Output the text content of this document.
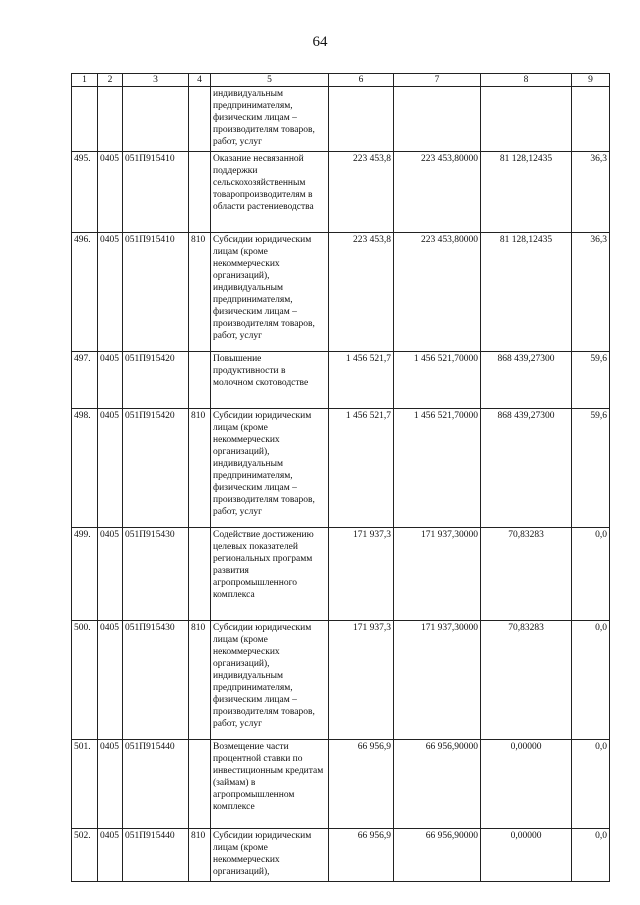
64
1	2	3	4	5	6	7	8	9
				индивидуальным предпринимателям, физическим лицам – производителям товаров, работ, услуг				
495.	0405	051П915410		Оказание несвязанной поддержки сельскохозяйственным товаропроизводителям в области растениеводства	223 453,8	223 453,80000	81 128,12435	36,3
496.	0405	051П915410	810	Субсидии юридическим лицам (кроме некоммерческих организаций), индивидуальным предпринимателям, физическим лицам – производителям товаров, работ, услуг	223 453,8	223 453,80000	81 128,12435	36,3
497.	0405	051П915420		Повышение продуктивности в молочном скотоводстве	1 456 521,7	1 456 521,70000	868 439,27300	59,6
498.	0405	051П915420	810	Субсидии юридическим лицам (кроме некоммерческих организаций), индивидуальным предпринимателям, физическим лицам – производителям товаров, работ, услуг	1 456 521,7	1 456 521,70000	868 439,27300	59,6
499.	0405	051П915430		Содействие достижению целевых показателей региональных программ развития агропромышленного комплекса	171 937,3	171 937,30000	70,83283	0,0
500.	0405	051П915430	810	Субсидии юридическим лицам (кроме некоммерческих организаций), индивидуальным предпринимателям, физическим лицам – производителям товаров, работ, услуг	171 937,3	171 937,30000	70,83283	0,0
501.	0405	051П915440		Возмещение части процентной ставки по инвестиционным кредитам (займам) в агропромышленном комплексе	66 956,9	66 956,90000	0,00000	0,0
502.	0405	051П915440	810	Субсидии юридическим лицам (кроме некоммерческих организаций),	66 956,9	66 956,90000	0,00000	0,0
